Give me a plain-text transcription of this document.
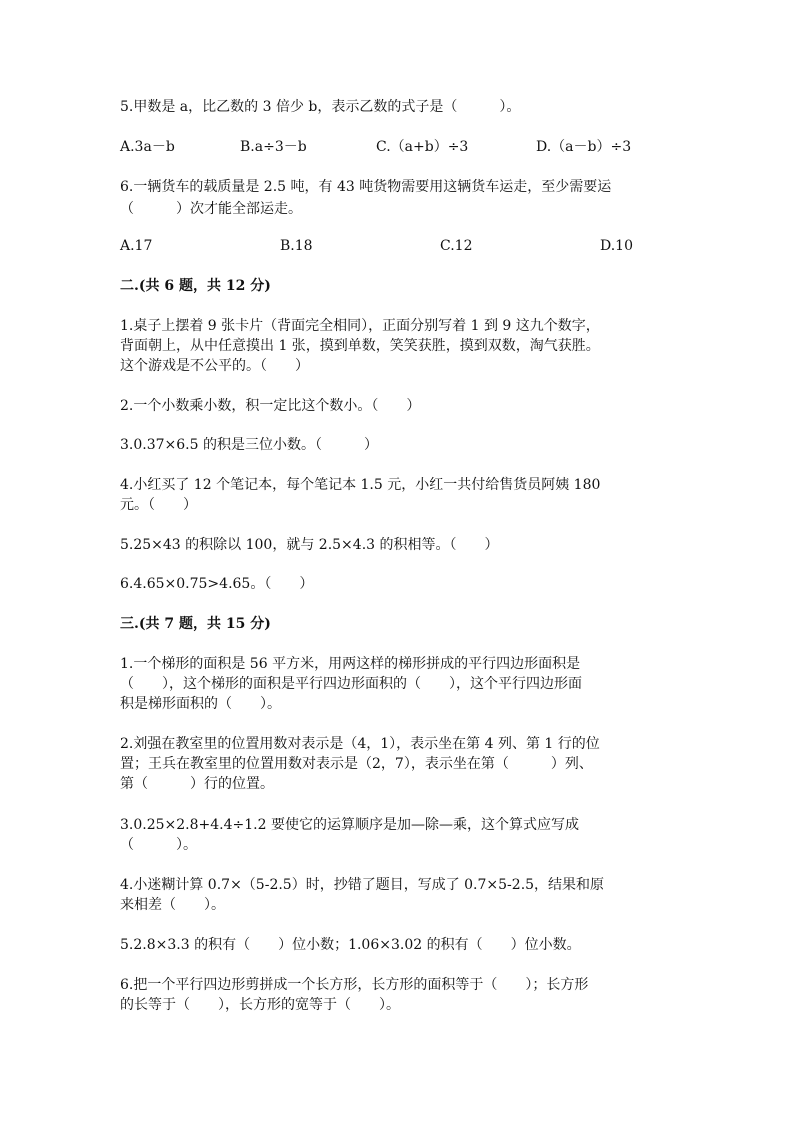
5.甲数是 a，比乙数的 3 倍少 b，表示乙数的式子是（　　　）。
A.3a－b	B.a÷3－b	C.（a+b）÷3	D.（a－b）÷3
6.一辆货车的载质量是 2.5 吨，有 43 吨货物需要用这辆货车运走，至少需要运
（　　　）次才能全部运走。
A.17	B.18	C.12	D.10
二.(共 6 题，共 12 分)
1.桌子上摆着 9 张卡片（背面完全相同），正面分别写着 1 到 9 这九个数字，
背面朝上，从中任意摸出 1 张，摸到单数，笑笑获胜，摸到双数，淘气获胜。
这个游戏是不公平的。（　　）
2.一个小数乘小数，积一定比这个数小。（　　）
3.0.37×6.5 的积是三位小数。（　　　）
4.小红买了 12 个笔记本，每个笔记本 1.5 元，小红一共付给售货员阿姨 180
元。（　　）
5.25×43 的积除以 100，就与 2.5×4.3 的积相等。（　　）
6.4.65×0.75>4.65。（　　）
三.(共 7 题，共 15 分)
1.一个梯形的面积是 56 平方米，用两这样的梯形拼成的平行四边形面积是
（　　），这个梯形的面积是平行四边形面积的（　　），这个平行四边形面
积是梯形面积的（　　）。
2.刘强在教室里的位置用数对表示是（4，1），表示坐在第 4 列、第 1 行的位
置；王兵在教室里的位置用数对表示是（2，7），表示坐在第（　　　）列、
第（　　　）行的位置。
3.0.25×2.8+4.4÷1.2 要使它的运算顺序是加—除—乘，这个算式应写成
（　　　）。
4.小迷糊计算 0.7×（5-2.5）时，抄错了题目，写成了 0.7×5-2.5，结果和原
来相差（　　）。
5.2.8×3.3 的积有（　　）位小数；1.06×3.02 的积有（　　）位小数。
6.把一个平行四边形剪拼成一个长方形，长方形的面积等于（　　）；长方形
的长等于（　　），长方形的宽等于（　　）。
